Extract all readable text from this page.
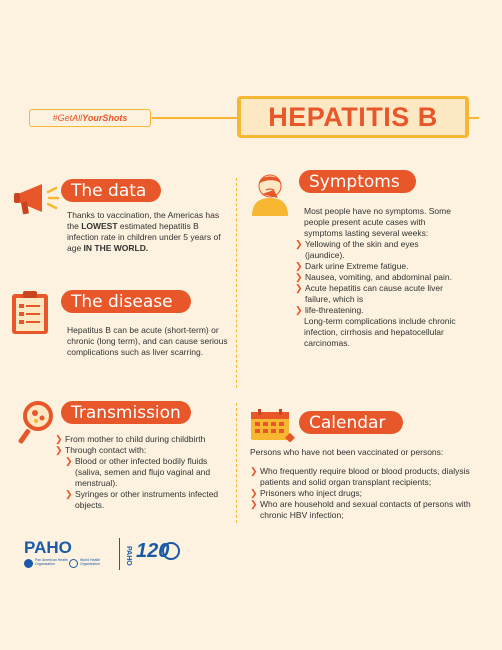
#GetAll YourShots	HEPATITIS B
The data
Thanks to vaccination, the Americas has the LOWEST estimated hepatitis B infection rate in children under 5 years of age IN THE WORLD.
The disease
Hepatitus B can be acute (short-term) or chronic (long term), and can cause serious complications such as liver scarring.
Transmission
❯ From mother to child during childbirth
❯ Through contact with:
❯ Blood or other infected bodily fluids (saliva, semen and flujo vaginal and menstrual).
❯ Syringes or other instruments infected objects.
Symptoms
Most people have no symptoms. Some people present acute cases with symptoms lasting several weeks:
❯ Yellowing of the skin and eyes (jaundice).
❯ Dark urine Extreme fatigue.
❯ Nausea, vomiting, and abdominal pain.
❯ Acute hepatitis can cause acute liver failure, which is
❯ life-threatening.
Long-term complications include chronic infection, cirrhosis and hepatocellular carcinomas.
Calendar
Persons who have not been vaccinated or persons:
❯ Who frequently require blood or blood products, dialysis patients and solid organ transplant recipients;
❯ Prisoners who inject drugs;
❯ Who are household and sexual contacts of persons with chronic HBV infection;
PAHO
Pan American Health Organization
World Health Organization	PAHO 120
